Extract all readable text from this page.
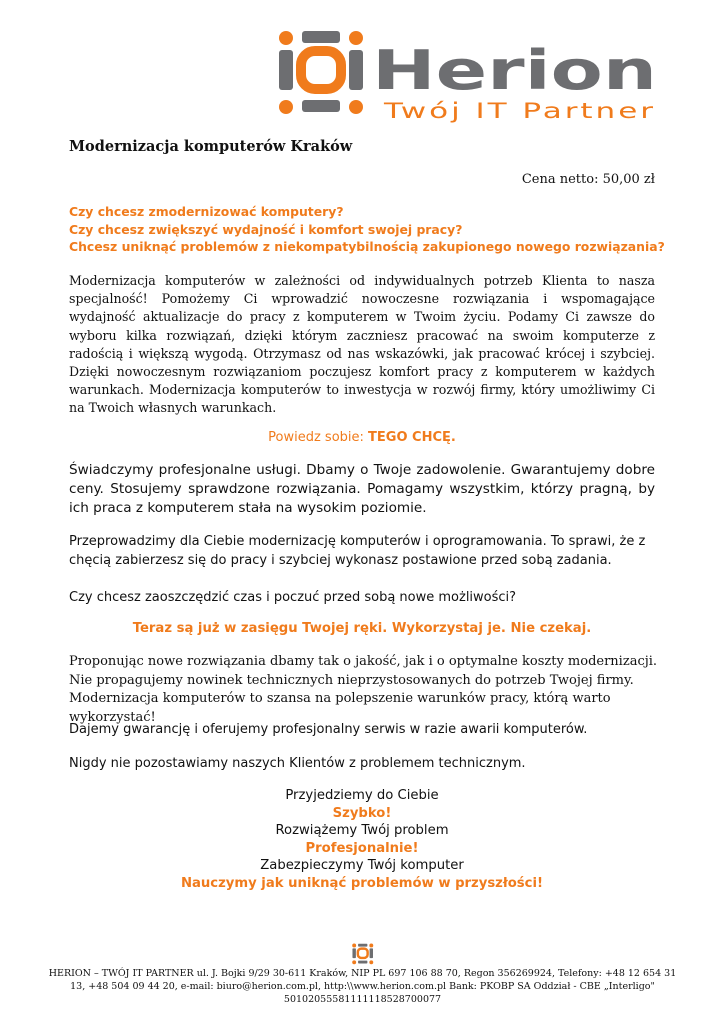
Herion
Twój IT Partner
Modernizacja komputerów Kraków
Cena netto: 50,00 zł
Czy chcesz zmodernizować komputery?
Czy chcesz zwiększyć wydajność i komfort swojej pracy?
Chcesz uniknąć problemów z niekompatybilnością zakupionego nowego rozwiązania?
Modernizacja komputerów w zależności od indywidualnych potrzeb Klienta to nasza specjalność! Pomożemy Ci wprowadzić nowoczesne rozwiązania i wspomagające wydajność aktualizacje do pracy z komputerem w Twoim życiu. Podamy Ci zawsze do wyboru kilka rozwiązań, dzięki którym zaczniesz pracować na swoim komputerze z radością i większą wygodą. Otrzymasz od nas wskazówki, jak pracować krócej i szybciej. Dzięki nowoczesnym rozwiązaniom poczujesz komfort pracy z komputerem w każdych warunkach. Modernizacja komputerów to inwestycja w rozwój firmy, który umożliwimy Ci na Twoich własnych warunkach.
Powiedz sobie: TEGO CHCĘ.
Świadczymy profesjonalne usługi. Dbamy o Twoje zadowolenie. Gwarantujemy dobre ceny. Stosujemy sprawdzone rozwiązania. Pomagamy wszystkim, którzy pragną, by ich praca z komputerem stała na wysokim poziomie.
Przeprowadzimy dla Ciebie modernizację komputerów i oprogramowania. To sprawi, że z chęcią zabierzesz się do pracy i szybciej wykonasz postawione przed sobą zadania.
Czy chcesz zaoszczędzić czas i poczuć przed sobą nowe możliwości?
Teraz są już w zasięgu Twojej ręki. Wykorzystaj je. Nie czekaj.
Proponując nowe rozwiązania dbamy tak o jakość, jak i o optymalne koszty modernizacji. Nie propagujemy nowinek technicznych nieprzystosowanych do potrzeb Twojej firmy. Modernizacja komputerów to szansa na polepszenie warunków pracy, którą warto wykorzystać!
Dajemy gwarancję i oferujemy profesjonalny serwis w razie awarii komputerów.
Nigdy nie pozostawiamy naszych Klientów z problemem technicznym.
Przyjedziemy do Ciebie
Szybko!
Rozwiążemy Twój problem
Profesjonalnie!
Zabezpieczymy Twój komputer
Nauczymy jak uniknąć problemów w przyszłości!
HERION – TWÓJ IT PARTNER ul. J. Bojki 9/29 30-611 Kraków, NIP PL 697 106 88 70, Regon 356269924, Telefony: +48 12 654 31
13, +48 504 09 44 20, e-mail: biuro@herion.com.pl, http:\\www.herion.com.pl Bank: PKOBP SA Oddział - CBE „Interligo"
50102055581111118528700077
